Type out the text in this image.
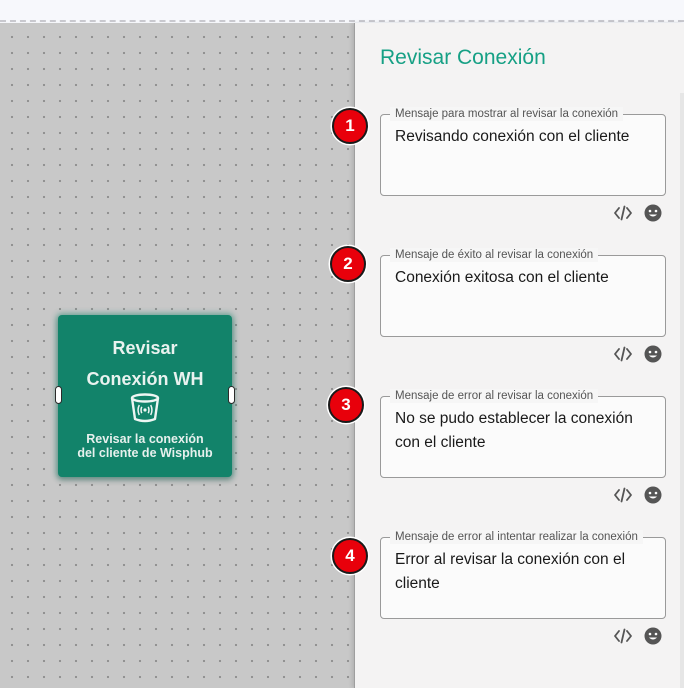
Revisar
Conexión WH
Revisar la conexión
del cliente de Wisphub
Revisar Conexión
Mensaje para mostrar al revisar la conexión
Revisando conexión con el cliente
1
Mensaje de éxito al revisar la conexión
Conexión exitosa con el cliente
2
Mensaje de error al revisar la conexión
No se pudo establecer la conexión con el cliente
3
Mensaje de error al intentar realizar la conexión
Error al revisar la conexión con el cliente
4
